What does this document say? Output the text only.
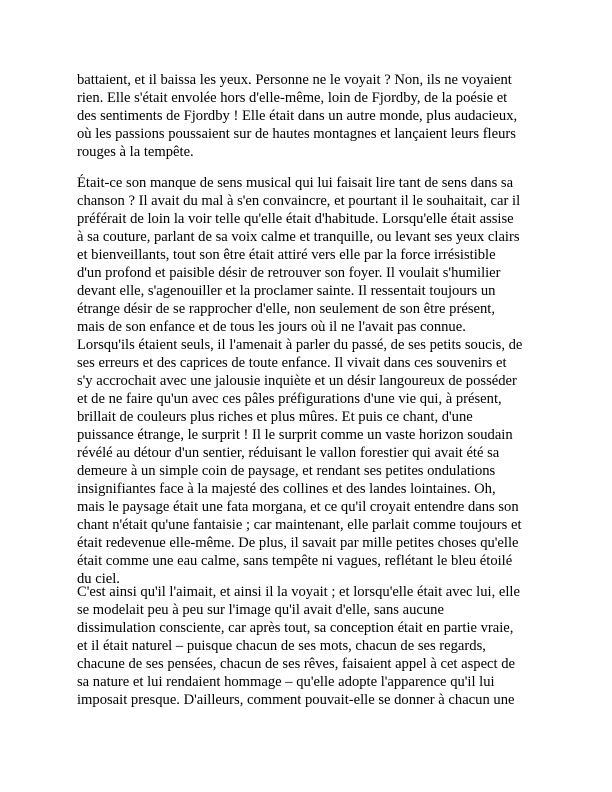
battaient, et il baissa les yeux. Personne ne le voyait ? Non, ils ne voyaient
rien. Elle s'était envolée hors d'elle-même, loin de Fjordby, de la poésie et
des sentiments de Fjordby ! Elle était dans un autre monde, plus audacieux,
où les passions poussaient sur de hautes montagnes et lançaient leurs fleurs
rouges à la tempête.
Était-ce son manque de sens musical qui lui faisait lire tant de sens dans sa
chanson ? Il avait du mal à s'en convaincre, et pourtant il le souhaitait, car il
préférait de loin la voir telle qu'elle était d'habitude. Lorsqu'elle était assise
à sa couture, parlant de sa voix calme et tranquille, ou levant ses yeux clairs
et bienveillants, tout son être était attiré vers elle par la force irrésistible
d'un profond et paisible désir de retrouver son foyer. Il voulait s'humilier
devant elle, s'agenouiller et la proclamer sainte. Il ressentait toujours un
étrange désir de se rapprocher d'elle, non seulement de son être présent,
mais de son enfance et de tous les jours où il ne l'avait pas connue.
Lorsqu'ils étaient seuls, il l'amenait à parler du passé, de ses petits soucis, de
ses erreurs et des caprices de toute enfance. Il vivait dans ces souvenirs et
s'y accrochait avec une jalousie inquiète et un désir langoureux de posséder
et de ne faire qu'un avec ces pâles préfigurations d'une vie qui, à présent,
brillait de couleurs plus riches et plus mûres. Et puis ce chant, d'une
puissance étrange, le surprit ! Il le surprit comme un vaste horizon soudain
révélé au détour d'un sentier, réduisant le vallon forestier qui avait été sa
demeure à un simple coin de paysage, et rendant ses petites ondulations
insignifiantes face à la majesté des collines et des landes lointaines. Oh,
mais le paysage était une fata morgana, et ce qu'il croyait entendre dans son
chant n'était qu'une fantaisie ; car maintenant, elle parlait comme toujours et
était redevenue elle-même. De plus, il savait par mille petites choses qu'elle
était comme une eau calme, sans tempête ni vagues, reflétant le bleu étoilé
du ciel.
C'est ainsi qu'il l'aimait, et ainsi il la voyait ; et lorsqu'elle était avec lui, elle
se modelait peu à peu sur l'image qu'il avait d'elle, sans aucune
dissimulation consciente, car après tout, sa conception était en partie vraie,
et il était naturel – puisque chacun de ses mots, chacun de ses regards,
chacune de ses pensées, chacun de ses rêves, faisaient appel à cet aspect de
sa nature et lui rendaient hommage – qu'elle adopte l'apparence qu'il lui
imposait presque. D'ailleurs, comment pouvait-elle se donner à chacun une
